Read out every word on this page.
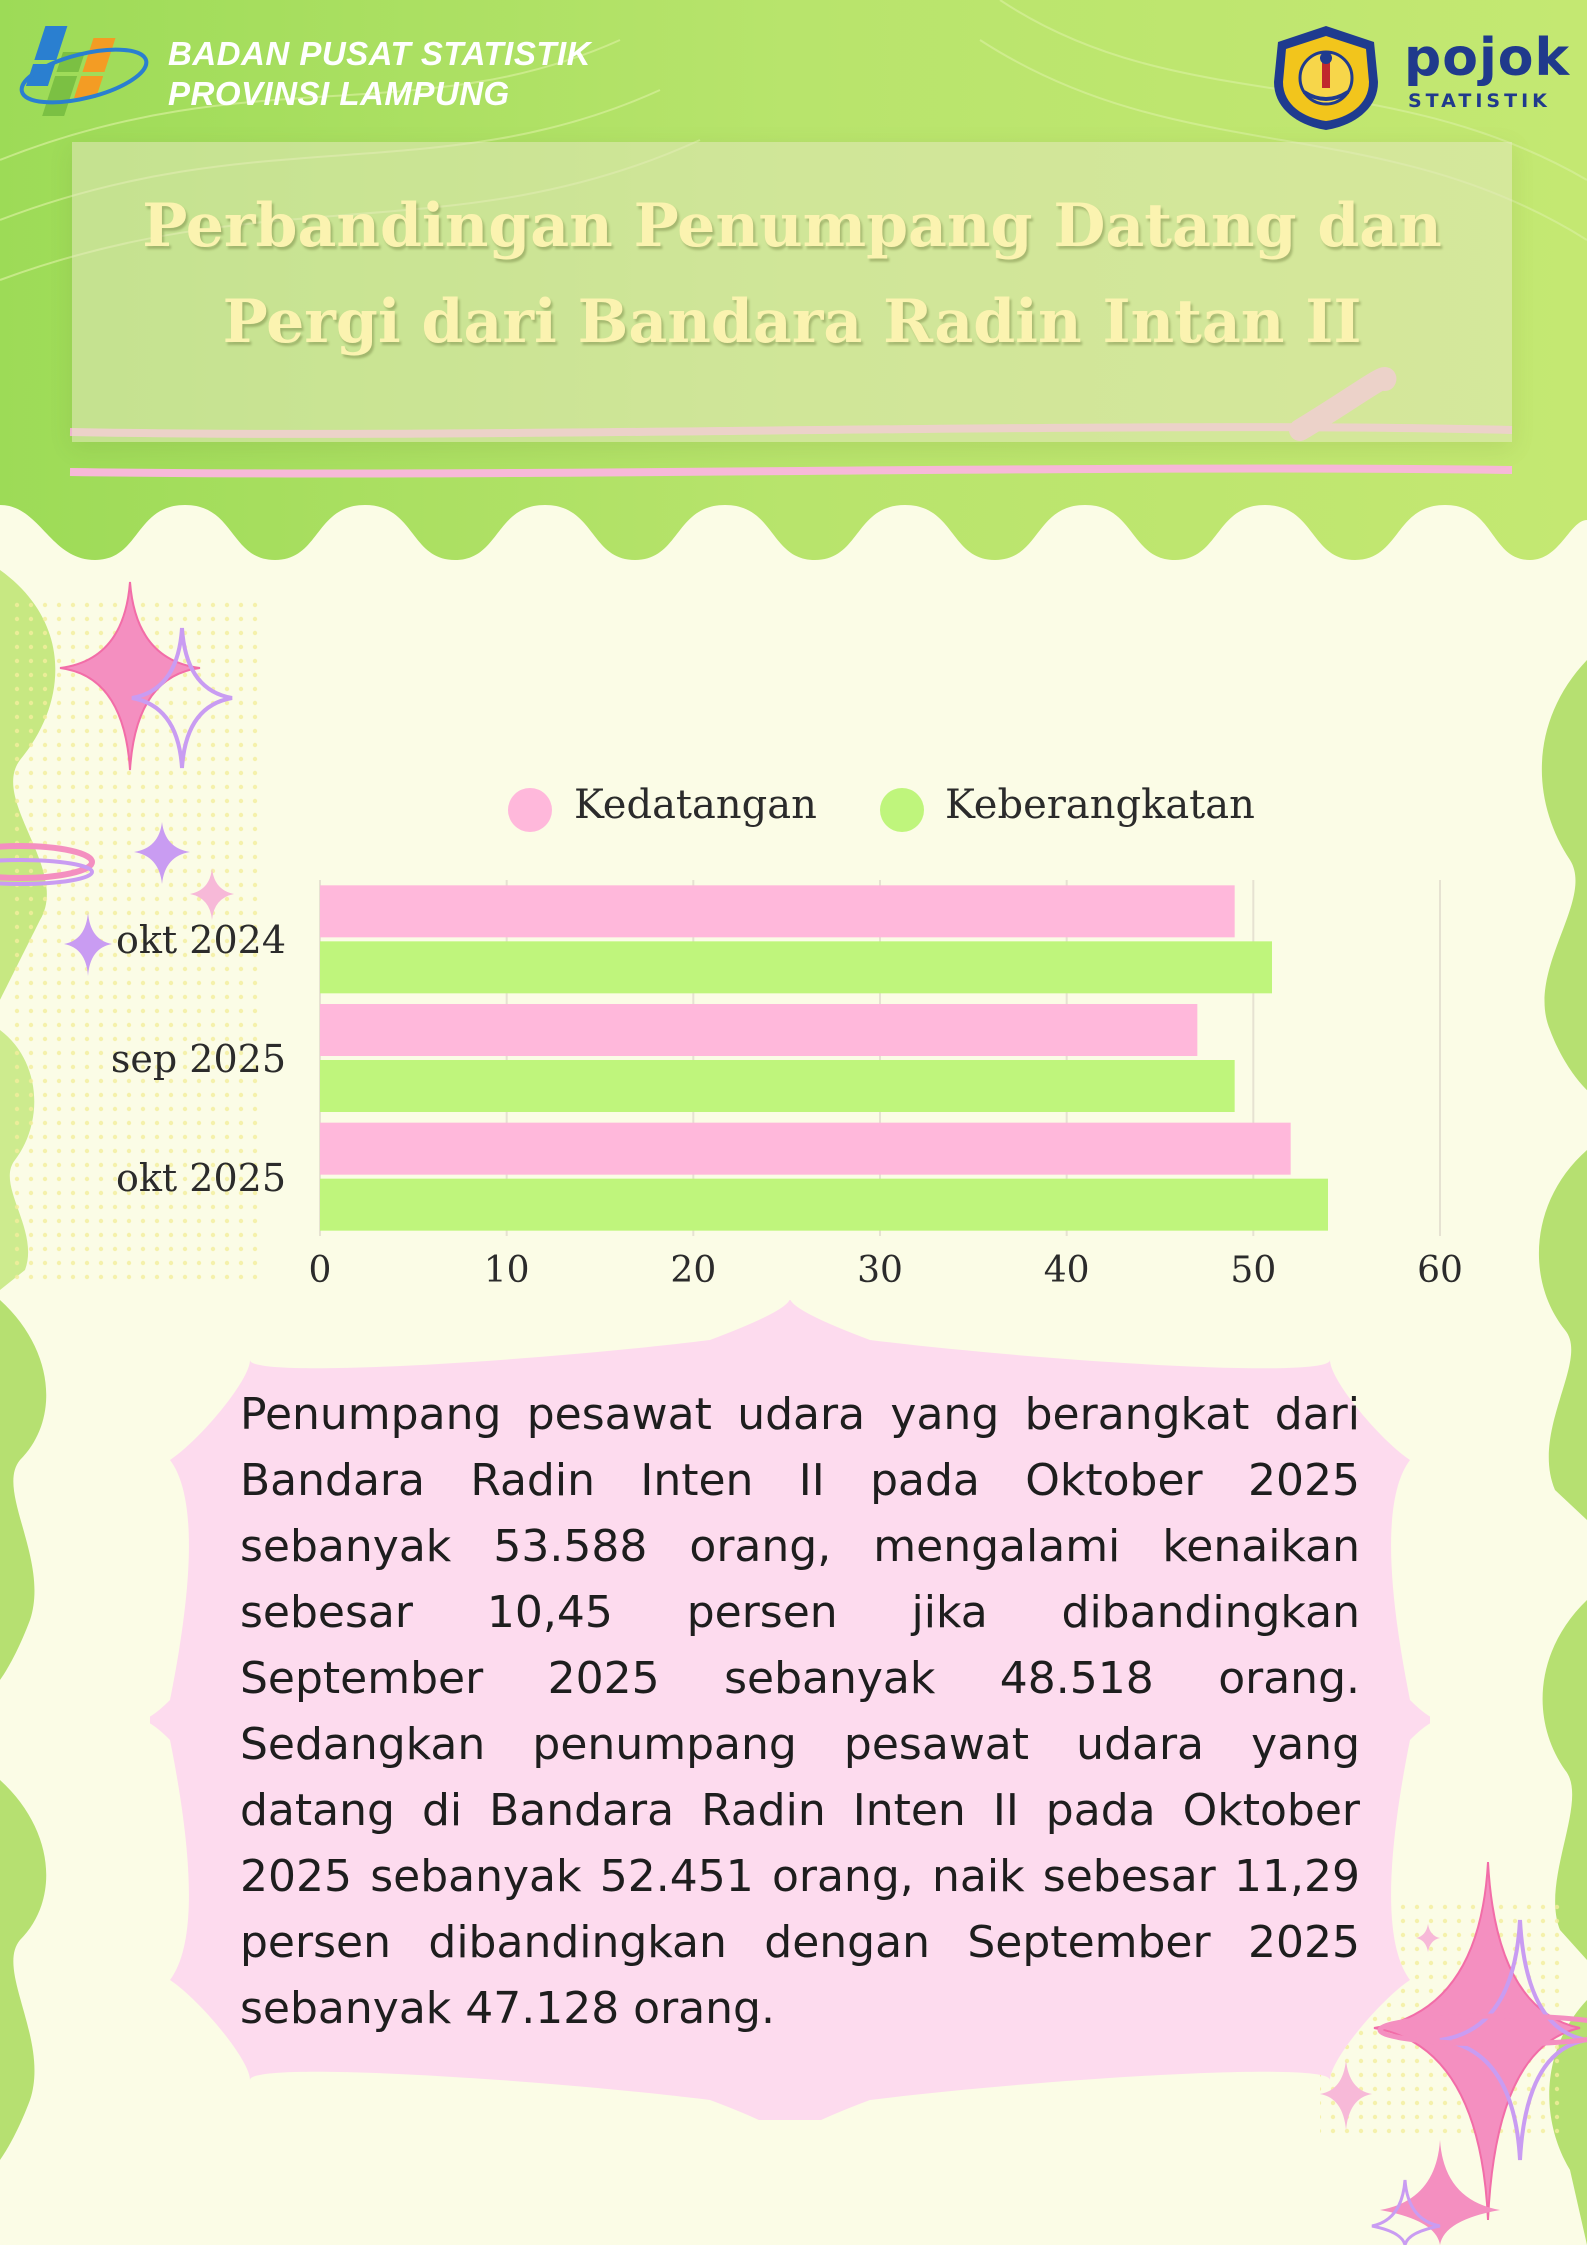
BADAN PUSAT STATISTIK
PROVINSI LAMPUNG
pojok
STATISTIK
Perbandingan Penumpang Datang dan
Pergi dari Bandara Radin Intan II
Kedatangan	Keberangkatan
okt 2024
sep 2025
okt 2025
0	10	20	30	40	50	60
Penumpang pesawat udara yang berangkat dari Bandara Radin Inten II pada Oktober 2025 sebanyak 53.588 orang, mengalami kenaikan sebesar 10,45 persen jika dibandingkan September 2025 sebanyak 48.518 orang. Sedangkan penumpang pesawat udara yang datang di Bandara Radin Inten II pada Oktober 2025 sebanyak 52.451 orang, naik sebesar 11,29 persen dibandingkan dengan September 2025 sebanyak 47.128 orang.
